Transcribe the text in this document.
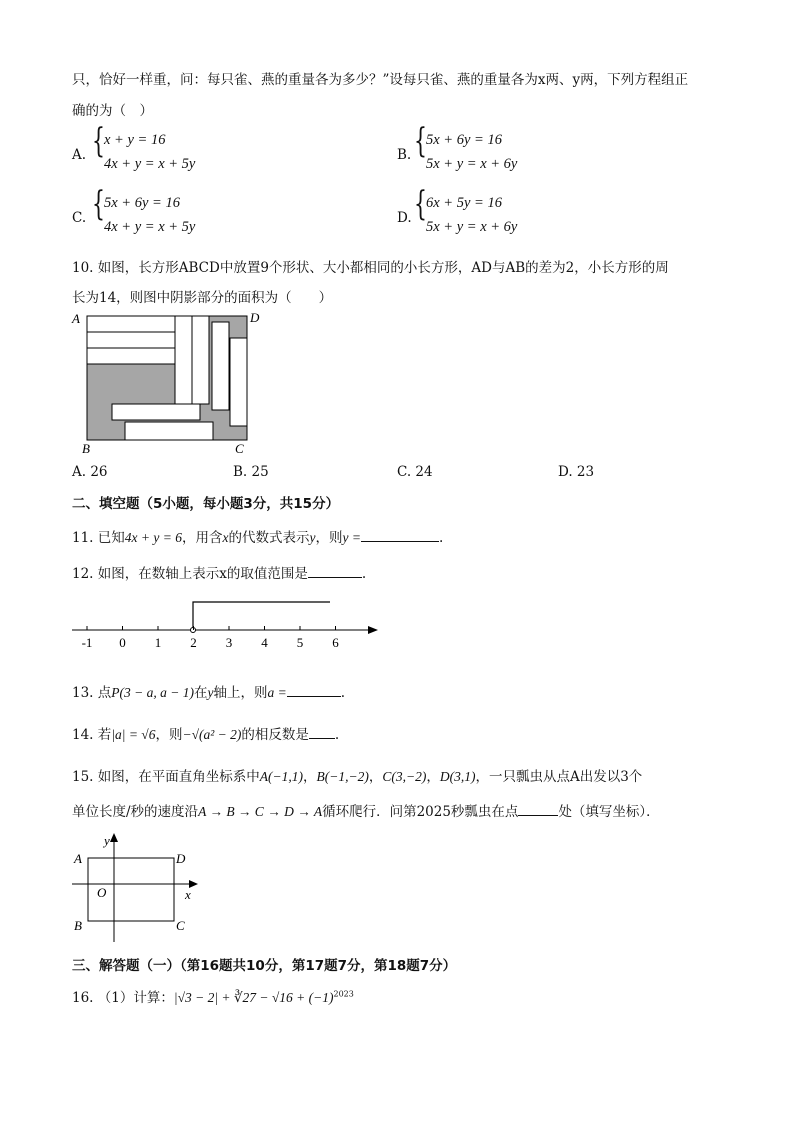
只，恰好一样重，问：每只雀、燕的重量各为多少？”设每只雀、燕的重量各为x两、y两，下列方程组正
确的为（　）
A. { x + y = 16
4x + y = x + 5y
B. { 5x + 6y = 16
5x + y = x + 6y
C. { 5x + 6y = 16
4x + y = x + 5y
D. { 6x + 5y = 16
5x + y = x + 6y
10. 如图，长方形ABCD中放置9个形状、大小都相同的小长方形，AD与AB的差为2，小长方形的周
长为14，则图中阴影部分的面积为（　　）
A	D
B	C
A. 26	B. 25	C. 24	D. 23
二、填空题（5小题，每小题3分，共15分）
11. 已知4x + y = 6，用含x的代数式表示y，则y =	.
12. 如图，在数轴上表示x的取值范围是	.
-1 0 1 2 3 4 5 6
13. 点P(3 − a, a − 1)在y轴上，则a =	.
14. 若|a| = √6，则−√(a² − 2)的相反数是 .
15. 如图，在平面直角坐标系中A(−1,1)，B(−1,−2)，C(3,−2)，D(3,1)，一只瓢虫从点A出发以3个
单位长度/秒的速度沿A → B → C → D → A循环爬行．问第2025秒瓢虫在点	处（填写坐标）．
y
x
O
A	D
B	C
三、解答题（一）（第16题共10分，第17题7分，第18题7分）
16. （1）计算：|√3 − 2| + ∛27 − $√16 + (-1)^{2023}$
